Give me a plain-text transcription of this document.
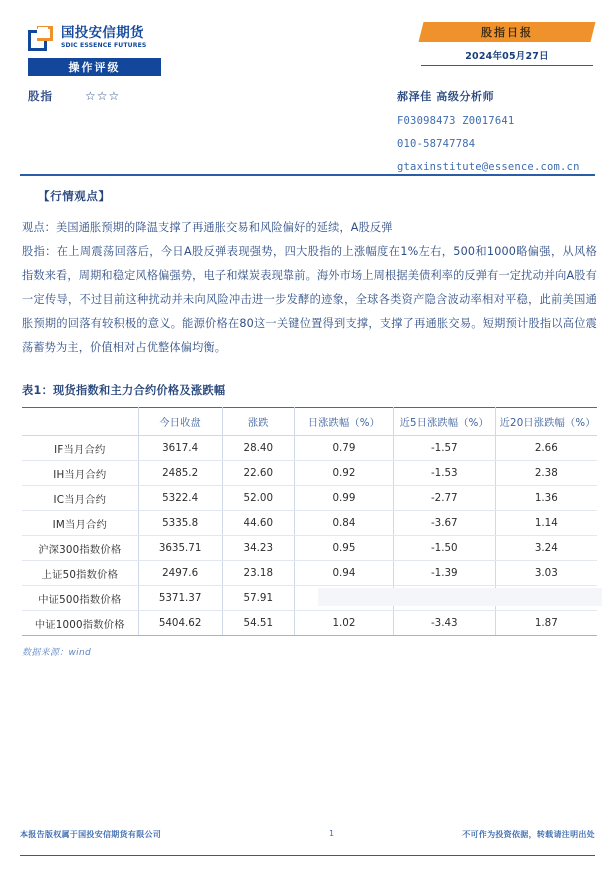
国投安信期货
SDIC ESSENCE FUTURES
操作评级
股指	☆☆☆
股指日报
2024年05月27日
郝泽佳 高级分析师
F03098473 Z0017641
010-58747784
gtaxinstitute@essence.com.cn
【行情观点】
观点：美国通胀预期的降温支撑了再通胀交易和风险偏好的延续，A股反弹
股指：在上周震荡回落后，今日A股反弹表现强势，四大股指的上涨幅度在1%左右，500和1000略偏强，从风格指数来看，周期和稳定风格偏强势，电子和煤炭表现靠前。海外市场上周根据美债利率的反弹有一定扰动并向A股有一定传导，不过目前这种扰动并未向风险冲击进一步发酵的迹象，全球各类资产隐含波动率相对平稳，此前美国通胀预期的回落有较积极的意义。能源价格在80这一关键位置得到支撑，支撑了再通胀交易。短期预计股指以高位震荡蓄势为主，价值相对占优整体偏均衡。
表1：现货指数和主力合约价格及涨跌幅
	今日收盘	涨跌	日涨跌幅（%）	近5日涨跌幅（%）	近20日涨跌幅（%）
IF当月合约	3617.4	28.40	0.79	-1.57	2.66
IH当月合约	2485.2	22.60	0.92	-1.53	2.38
IC当月合约	5322.4	52.00	0.99	-2.77	1.36
IM当月合约	5335.8	44.60	0.84	-3.67	1.14
沪深300指数价格	3635.71	34.23	0.95	-1.50	3.24
上证50指数价格	2497.6	23.18	0.94	-1.39	3.03
中证500指数价格	5371.37	57.91			
中证1000指数价格	5404.62	54.51	1.02	-3.43	1.87
数据来源：wind
本报告版权属于国投安信期货有限公司	1	不可作为投资依据，转载请注明出处
